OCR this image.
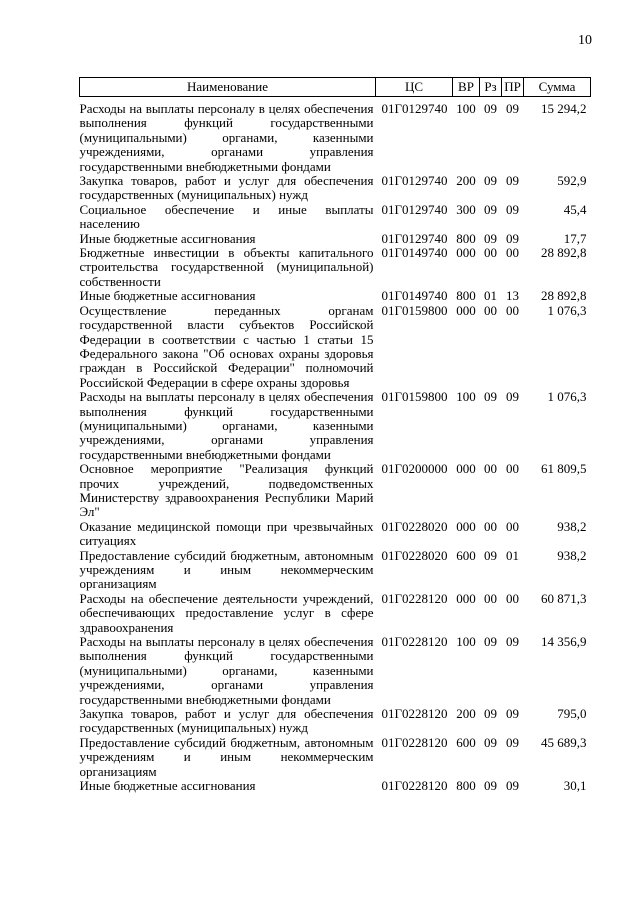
10
Наименование	ЦС	ВР	Рз	ПР	Сумма
Расходы на выплаты персоналу в целях обеспечения выполнения функций государственными (муниципальными) органами, казенными учреждениями, органами управления государственными внебюджетными фондами	01Г0129740	100	09	09	15 294,2
Закупка товаров, работ и услуг для обеспечения государственных (муниципальных) нужд	01Г0129740	200	09	09	592,9
Социальное обеспечение и иные выплаты населению	01Г0129740	300	09	09	45,4
Иные бюджетные ассигнования	01Г0129740	800	09	09	17,7
Бюджетные инвестиции в объекты капитального строительства государственной (муниципальной) собственности	01Г0149740	000	00	00	28 892,8
Иные бюджетные ассигнования	01Г0149740	800	01	13	28 892,8
Осуществление переданных органам государственной власти субъектов Российской Федерации в соответствии с частью 1 статьи 15 Федерального закона "Об основах охраны здоровья граждан в Российской Федерации" полномочий Российской Федерации в сфере охраны здоровья	01Г0159800	000	00	00	1 076,3
Расходы на выплаты персоналу в целях обеспечения выполнения функций государственными (муниципальными) органами, казенными учреждениями, органами управления государственными внебюджетными фондами	01Г0159800	100	09	09	1 076,3
Основное мероприятие "Реализация функций прочих учреждений, подведомственных Министерству здравоохранения Республики Марий Эл"	01Г0200000	000	00	00	61 809,5
Оказание медицинской помощи при чрезвычайных ситуациях	01Г0228020	000	00	00	938,2
Предоставление субсидий бюджетным, автономным учреждениям и иным некоммерческим организациям	01Г0228020	600	09	01	938,2
Расходы на обеспечение деятельности учреждений, обеспечивающих предоставление услуг в сфере здравоохранения	01Г0228120	000	00	00	60 871,3
Расходы на выплаты персоналу в целях обеспечения выполнения функций государственными (муниципальными) органами, казенными учреждениями, органами управления государственными внебюджетными фондами	01Г0228120	100	09	09	14 356,9
Закупка товаров, работ и услуг для обеспечения государственных (муниципальных) нужд	01Г0228120	200	09	09	795,0
Предоставление субсидий бюджетным, автономным учреждениям и иным некоммерческим организациям	01Г0228120	600	09	09	45 689,3
Иные бюджетные ассигнования	01Г0228120	800	09	09	30,1
